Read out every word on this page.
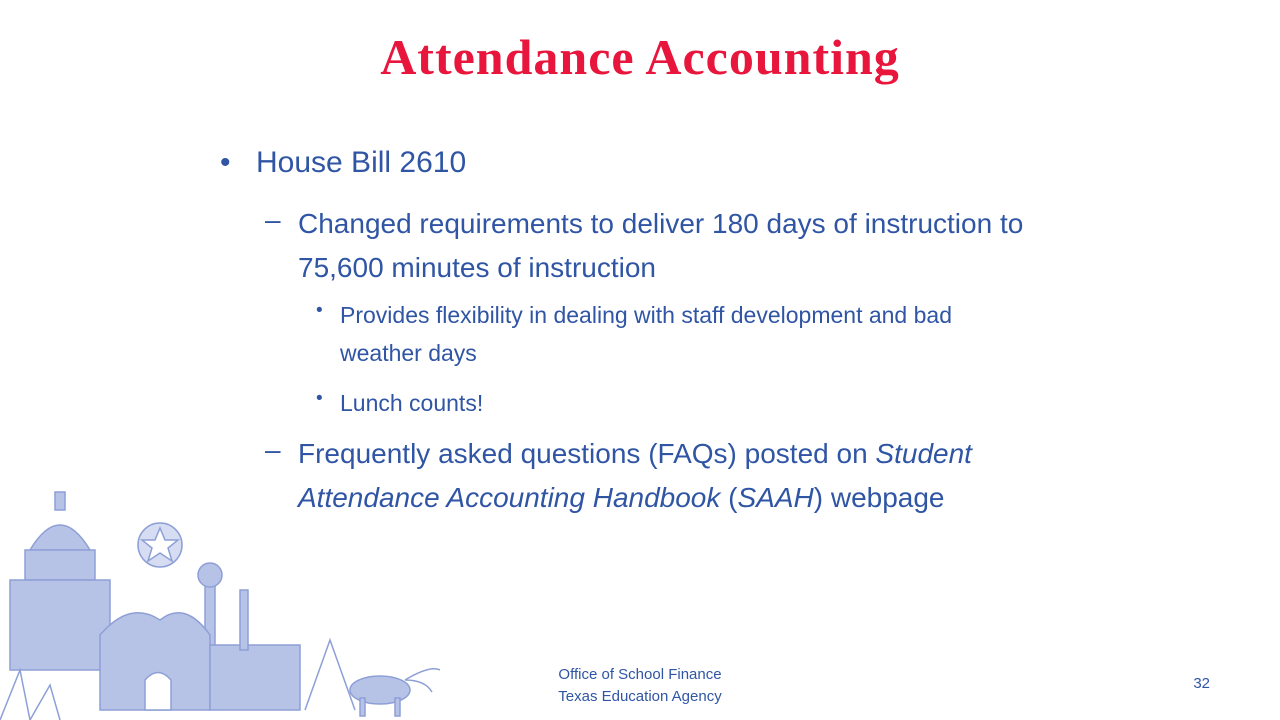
Attendance Accounting
• House Bill 2610
– Changed requirements to deliver 180 days of instruction to
75,600 minutes of instruction
• Provides flexibility in dealing with staff development and bad
weather days
• Lunch counts!
– Frequently asked questions (FAQs) posted on Student
Attendance Accounting Handbook (SAAH) webpage
Office of School Finance
Texas Education Agency
32
